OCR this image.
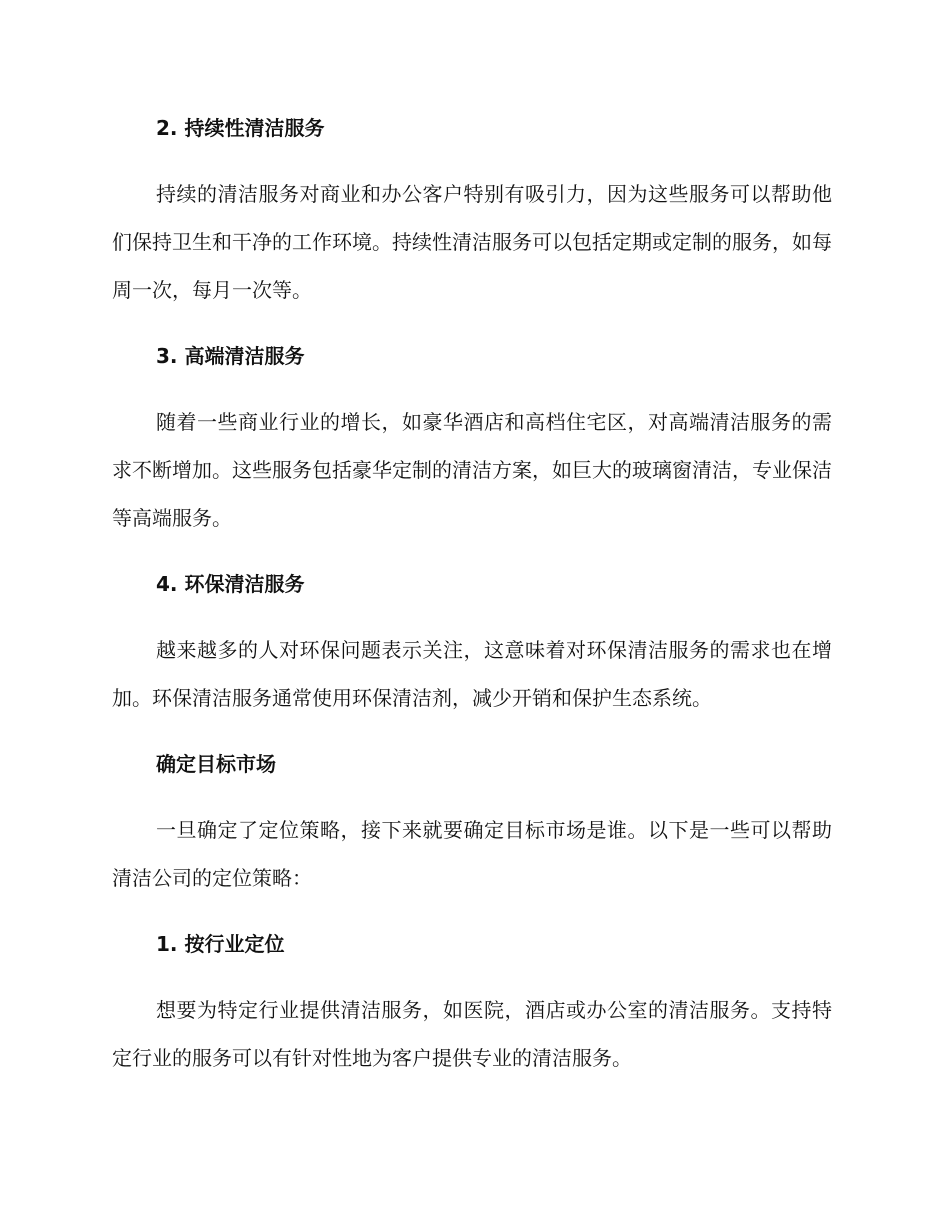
2. 持续性清洁服务

持续的清洁服务对商业和办公客户特别有吸引力，因为这些服务可以帮助他们保持卫生和干净的工作环境。持续性清洁服务可以包括定期或定制的服务，如每周一次，每月一次等。

3. 高端清洁服务

随着一些商业行业的增长，如豪华酒店和高档住宅区，对高端清洁服务的需求不断增加。这些服务包括豪华定制的清洁方案，如巨大的玻璃窗清洁，专业保洁等高端服务。

4. 环保清洁服务

越来越多的人对环保问题表示关注，这意味着对环保清洁服务的需求也在增加。环保清洁服务通常使用环保清洁剂，减少开销和保护生态系统。

确定目标市场

一旦确定了定位策略，接下来就要确定目标市场是谁。以下是一些可以帮助清洁公司的定位策略：

1. 按行业定位

想要为特定行业提供清洁服务，如医院，酒店或办公室的清洁服务。支持特定行业的服务可以有针对性地为客户提供专业的清洁服务。
